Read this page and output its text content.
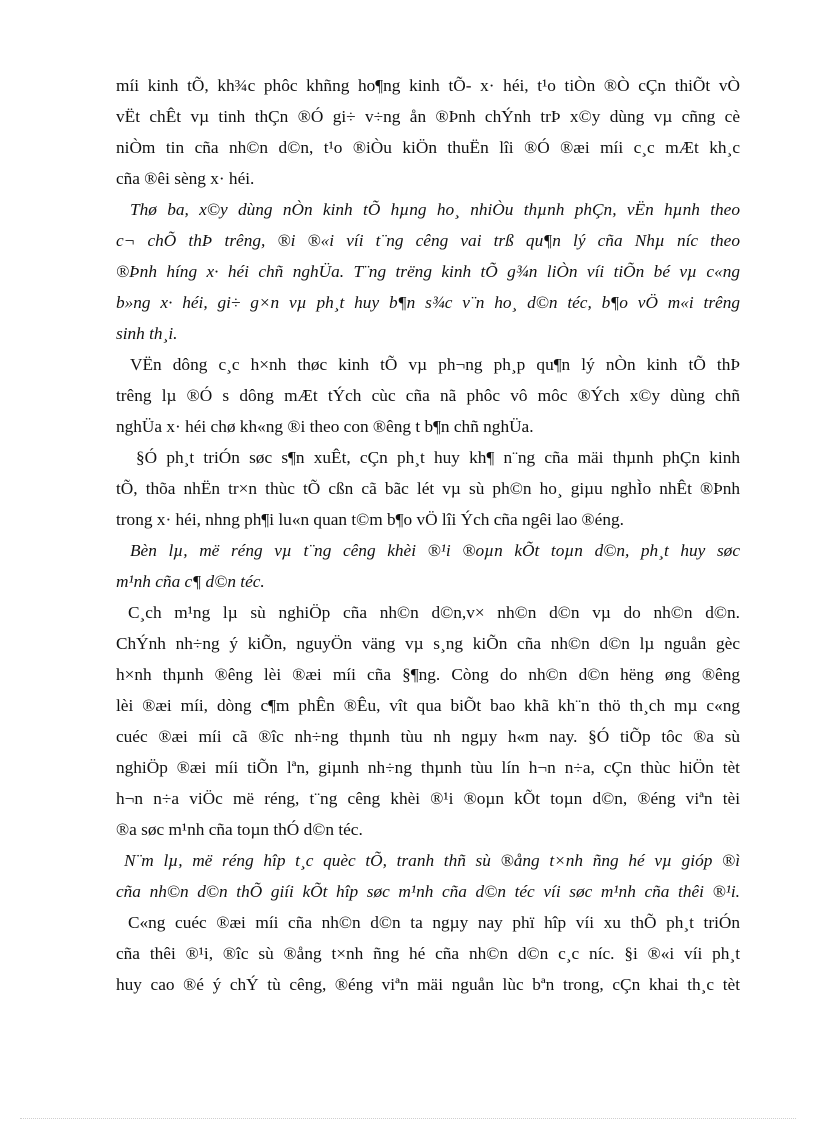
míi kinh tÕ, kh¾c phôc khñng ho¶ng kinh tÕ- x· héi, t¹o tiÒn ®Ò cÇn thiÕt vÒ
vËt chÊt vµ tinh thÇn ®Ó gi÷ v÷ng ån ®Þnh chÝnh trÞ x©y dùng vµ cñng cè
niÒm tin cña nh©n d©n, t¹o ®iÒu kiÖn thuËn lîi ®Ó ®æi míi c¸c mÆt kh¸c
cña ®êi sèng x· héi.
Thø ba, x©y dùng nÒn kinh tÕ hµng ho¸ nhiÒu thµnh phÇn, vËn hµnh theo
c¬ chÕ thÞ trêng, ®i ®«i víi t¨ng cêng vai trß qu¶n lý cña Nhµ níc theo
®Þnh híng x· héi chñ nghÜa. T¨ng trëng kinh tÕ g¾n liÒn víi tiÕn bé vµ c«ng
b»ng x· héi, gi÷ g×n vµ ph¸t huy b¶n s¾c v¨n ho¸ d©n téc, b¶o vÖ m«i trêng
sinh th¸i.
VËn dông c¸c h×nh thøc kinh tÕ vµ ph¬ng ph¸p qu¶n lý nÒn kinh tÕ thÞ
trêng lµ ®Ó s dông mÆt tÝch cùc cña nã phôc vô môc ®Ých x©y dùng chñ
nghÜa x· héi chø kh«ng ®i theo con ®êng t b¶n chñ nghÜa.
§Ó ph¸t triÓn søc s¶n xuÊt, cÇn ph¸t huy kh¶ n¨ng cña mäi thµnh phÇn kinh
tÕ, thõa nhËn tr×n thùc tÕ cßn cã bãc lét vµ sù ph©n ho¸ giµu nghÌo nhÊt ®Þnh
trong x· héi, nhng ph¶i lu«n quan t©m b¶o vÖ lîi Ých cña ngêi lao ®éng.
Bèn lµ, më réng vµ t¨ng cêng khèi ®¹i ®oµn kÕt toµn d©n, ph¸t huy søc
m¹nh cña c¶ d©n téc.
C¸ch m¹ng lµ sù nghiÖp cña nh©n d©n,v× nh©n d©n vµ do nh©n d©n.
ChÝnh nh÷ng ý kiÕn, nguyÖn väng vµ s¸ng kiÕn cña nh©n d©n lµ nguån gèc
h×nh thµnh ®êng lèi ®æi míi cña §¶ng. Còng do nh©n d©n hëng øng ®êng
lèi ®æi míi, dòng c¶m phÊn ®Êu, vît qua biÕt bao khã kh¨n thö th¸ch mµ c«ng
cuéc ®æi míi cã ®îc nh÷ng thµnh tùu nh ngµy h«m nay. §Ó tiÕp tôc ®a sù
nghiÖp ®æi míi tiÕn lªn, giµnh nh÷ng thµnh tùu lín h¬n n÷a, cÇn thùc hiÖn tèt
h¬n n÷a viÖc më réng, t¨ng cêng khèi ®¹i ®oµn kÕt toµn d©n, ®éng viªn tèi
®a søc m¹nh cña toµn thÓ d©n téc.
N¨m lµ, më réng hîp t¸c quèc tÕ, tranh thñ sù ®ång t×nh ñng hé vµ gióp ®ì
cña nh©n d©n thÕ giíi kÕt hîp søc m¹nh cña d©n téc víi søc m¹nh cña thêi ®¹i.
C«ng cuéc ®æi míi cña nh©n d©n ta ngµy nay phï hîp víi xu thÕ ph¸t triÓn
cña thêi ®¹i, ®îc sù ®ång t×nh ñng hé cña nh©n d©n c¸c níc. §i ®«i víi ph¸t
huy cao ®é ý chÝ tù cêng, ®éng viªn mäi nguån lùc bªn trong, cÇn khai th¸c tèt
